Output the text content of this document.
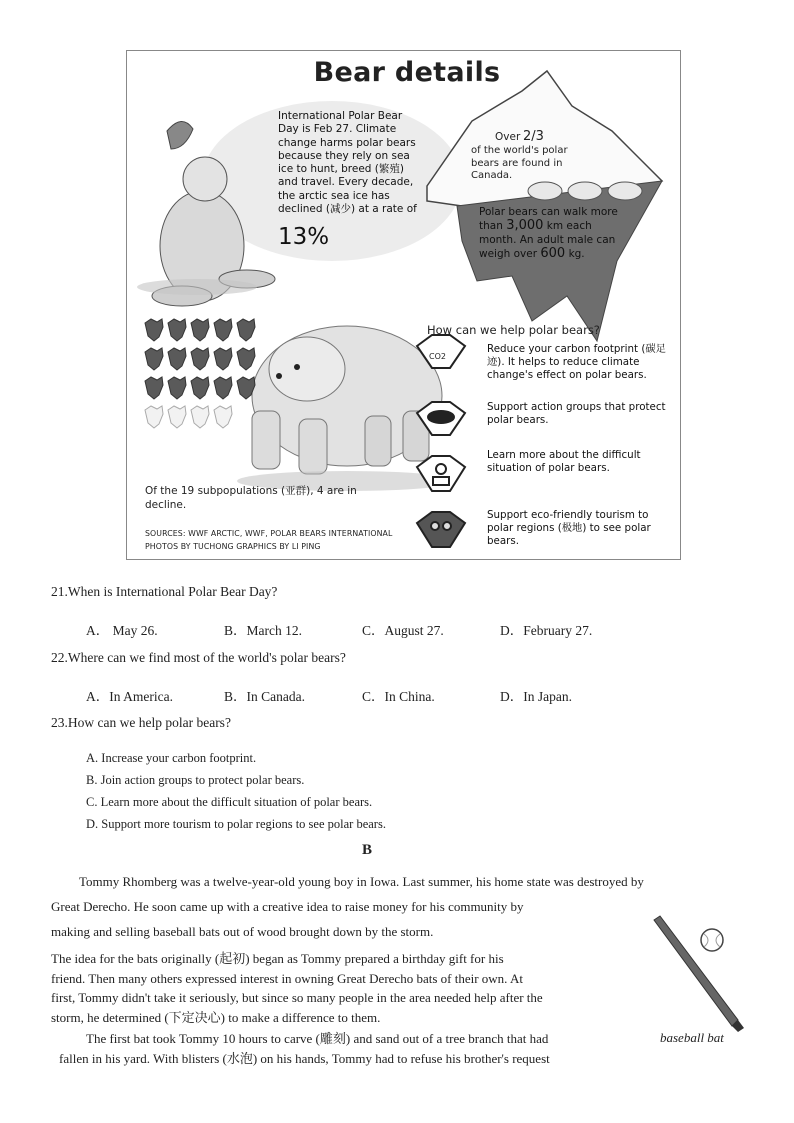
CO2
Bear details
International Polar Bear Day is Feb 27. Climate change harms polar bears because they rely on sea ice to hunt, breed (繁殖) and travel. Every decade, the arctic sea ice has declined (减少) at a rate of
13%
Over 2/3
of the world's polar bears are found in Canada.
Polar bears can walk more than 3,000 km each month. An adult male can weigh over 600 kg.
How can we help polar bears?
Reduce your carbon footprint (碳足迹). It helps to reduce climate change's effect on polar bears.
Support action groups that protect polar bears.
Learn more about the difficult situation of polar bears.
Support eco-friendly tourism to polar regions (极地) to see polar bears.
Of the 19 subpopulations (亚群), 4 are in decline.
SOURCES: WWF ARCTIC, WWF, POLAR BEARS INTERNATIONAL
PHOTOS BY TUCHONG GRAPHICS BY LI PING
21.When is International Polar Bear Day?
A． May 26.	B．March 12.	C．August 27.	D．February 27.
22.Where can we find most of the world's polar bears?
A．In America.	B．In Canada.	C．In China.	D．In Japan.
23.How can we help polar bears?
A. Increase your carbon footprint.
B. Join action groups to protect polar bears.
C. Learn more about the difficult situation of polar bears.
D. Support more tourism to polar regions to see polar bears.
B
Tommy Rhomberg was a twelve-year-old young boy in Iowa. Last summer, his home state was destroyed by
Great Derecho. He soon came up with a creative idea to raise money for his community by
making and selling baseball bats out of wood brought down by the storm.
The idea for the bats originally (起初) began as Tommy prepared a birthday gift for his
friend. Then many others expressed interest in owning Great Derecho bats of their own. At
first, Tommy didn't take it seriously, but since so many people in the area needed help after the
storm, he determined (下定决心) to make a difference to them.
The first bat took Tommy 10 hours to carve (雕刻) and sand out of a tree branch that had
fallen in his yard. With blisters (水泡) on his hands, Tommy had to refuse his brother's request
baseball bat
